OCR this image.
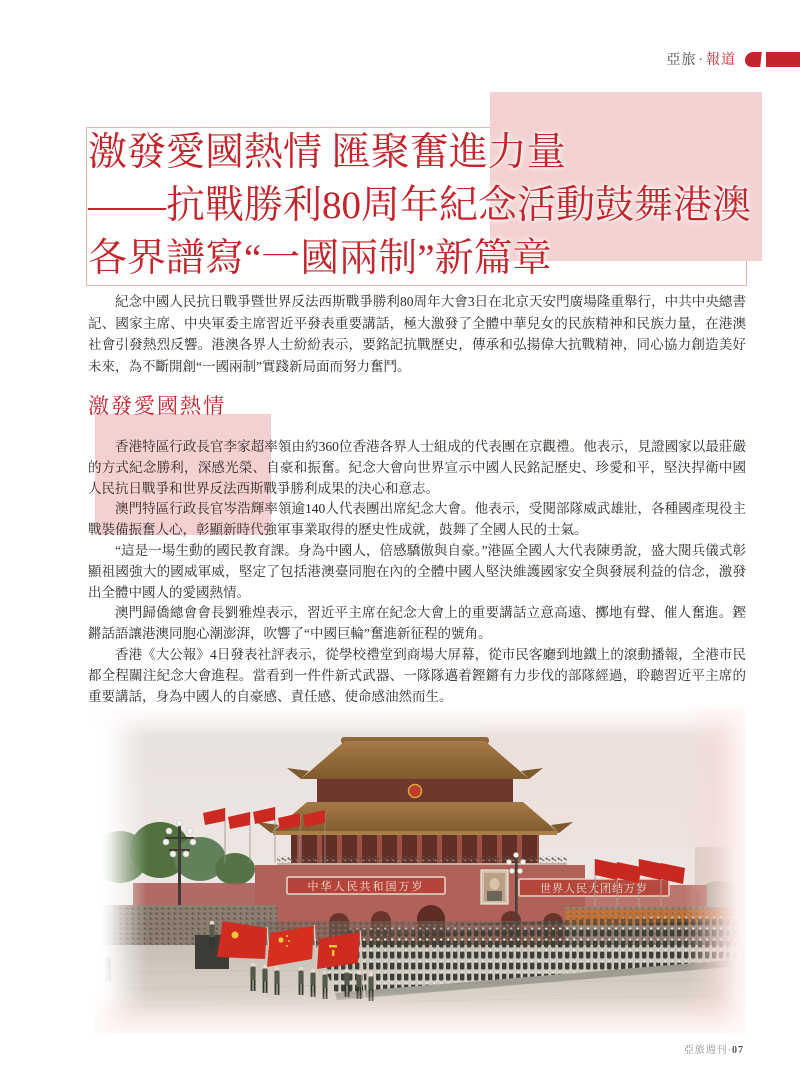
亞旅 · 報道
激發愛國熱情 匯聚奮進力量
——抗戰勝利80周年紀念活動鼓舞港澳
各界譜寫“一國兩制”新篇章

紀念中國人民抗日戰爭暨世界反法西斯戰爭勝利80周年大會3日在北京天安門廣場隆重舉行，中共中央總書記、國家主席、中央軍委主席習近平發表重要講話，極大激發了全體中華兒女的民族精神和民族力量，在港澳社會引發熱烈反響。港澳各界人士紛紛表示，要銘記抗戰歷史，傳承和弘揚偉大抗戰精神，同心協力創造美好未來，為不斷開創“一國兩制”實踐新局面而努力奮鬥。

激發愛國熱情

香港特區行政長官李家超率領由約360位香港各界人士組成的代表團在京觀禮。他表示，見證國家以最莊嚴的方式紀念勝利，深感光榮、自豪和振奮。紀念大會向世界宣示中國人民銘記歷史、珍愛和平，堅決捍衛中國人民抗日戰爭和世界反法西斯戰爭勝利成果的決心和意志。

澳門特區行政長官岑浩輝率領逾140人代表團出席紀念大會。他表示，受閱部隊威武雄壯，各種國產現役主戰裝備振奮人心，彰顯新時代強軍事業取得的歷史性成就，鼓舞了全國人民的士氣。

“這是一場生動的國民教育課。身為中國人，倍感驕傲與自豪。”港區全國人大代表陳勇說，盛大閱兵儀式彰顯祖國強大的國威軍威，堅定了包括港澳臺同胞在內的全體中國人堅決維護國家安全與發展利益的信念，激發出全體中國人的愛國熱情。

澳門歸僑總會會長劉雅煌表示，習近平主席在紀念大會上的重要講話立意高遠、擲地有聲、催人奮進。鏗鏘話語讓港澳同胞心潮澎湃，吹響了“中國巨輪”奮進新征程的號角。

香港《大公報》4日發表社評表示，從學校禮堂到商場大屏幕，從市民客廳到地鐵上的滾動播報，全港市民都全程關注紀念大會進程。當看到一件件新式武器、一隊隊邁着鏗鏘有力步伐的部隊經過，聆聽習近平主席的重要講話，身為中國人的自豪感、責任感、使命感油然而生。

中华人民共和国万岁	世界人民大团结万岁
亞旅週刊·07
